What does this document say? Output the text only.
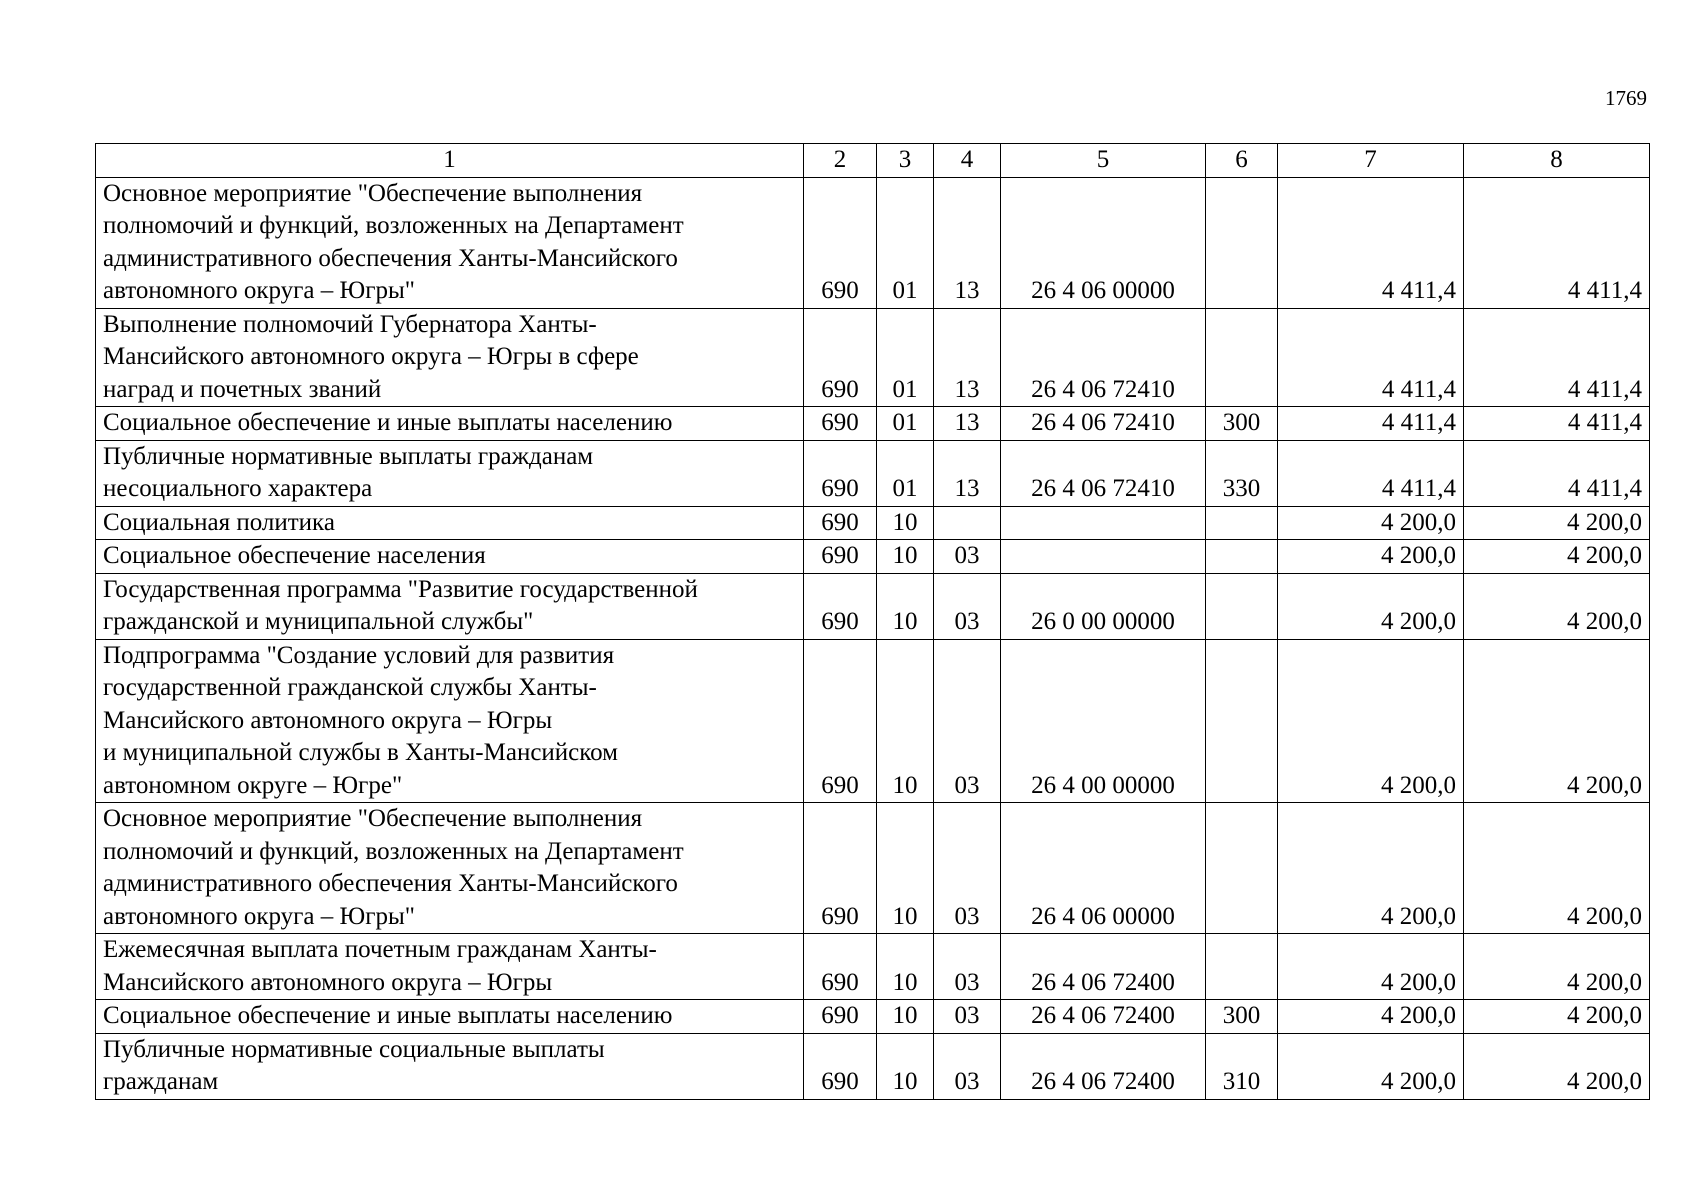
1769
1	2	3	4	5	6	7	8

Основное мероприятие "Обеспечение выполнения
полномочий и функций, возложенных на Департамент
административного обеспечения Ханты-Мансийского
автономного округа – Югры"	690	01	13	26 4 06 00000		4 411,4	4 411,4

Выполнение полномочий Губернатора Ханты-
Мансийского автономного округа – Югры в сфере
наград и почетных званий	690	01	13	26 4 06 72410		4 411,4	4 411,4

Социальное обеспечение и иные выплаты населению	690	01	13	26 4 06 72410	300	4 411,4	4 411,4

Публичные нормативные выплаты гражданам
несоциального характера	690	01	13	26 4 06 72410	330	4 411,4	4 411,4

Социальная политика	690	10				4 200,0	4 200,0

Социальное обеспечение населения	690	10	03			4 200,0	4 200,0

Государственная программа "Развитие государственной
гражданской и муниципальной службы"	690	10	03	26 0 00 00000		4 200,0	4 200,0

Подпрограмма "Создание условий для развития
государственной гражданской службы Ханты-
Мансийского автономного округа – Югры
и муниципальной службы в Ханты-Мансийском
автономном округе – Югре"	690	10	03	26 4 00 00000		4 200,0	4 200,0

Основное мероприятие "Обеспечение выполнения
полномочий и функций, возложенных на Департамент
административного обеспечения Ханты-Мансийского
автономного округа – Югры"	690	10	03	26 4 06 00000		4 200,0	4 200,0

Ежемесячная выплата почетным гражданам Ханты-
Мансийского автономного округа – Югры	690	10	03	26 4 06 72400		4 200,0	4 200,0

Социальное обеспечение и иные выплаты населению	690	10	03	26 4 06 72400	300	4 200,0	4 200,0

Публичные нормативные социальные выплаты
гражданам	690	10	03	26 4 06 72400	310	4 200,0	4 200,0
